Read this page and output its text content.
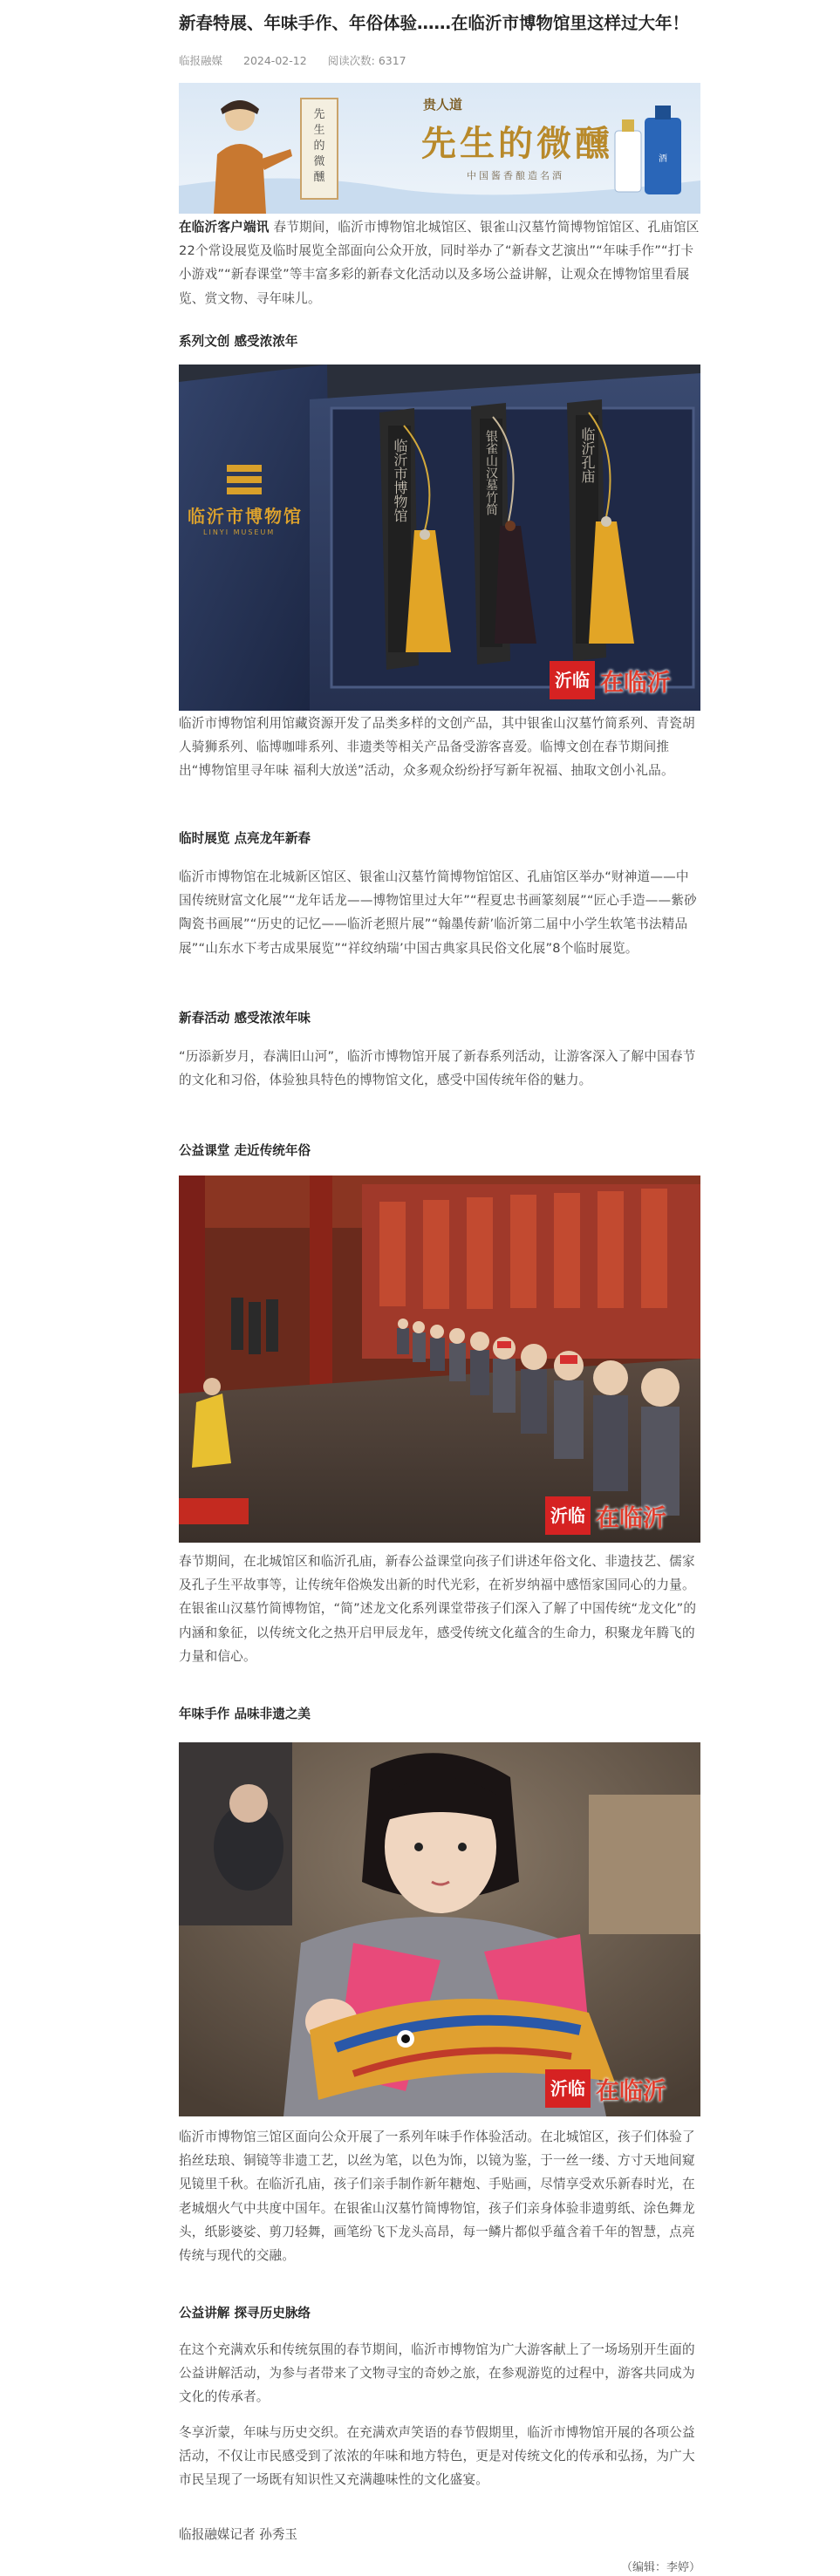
新春特展、年味手作、年俗体验……在临沂市博物馆里这样过大年！
临报融媒 2024-02-12 阅读次数: 6317
先
生
的
微
醺
酒
贵人道
先生的微醺
中国酱香酿造名酒

在临沂客户端讯 春节期间，临沂市博物馆北城馆区、银雀山汉墓竹简博物馆馆区、孔庙馆区22个常设展览及临时展览全部面向公众开放，同时举办了“新春文艺演出”“年味手作”“打卡小游戏”“新春课堂”等丰富多彩的新春文化活动以及多场公益讲解，让观众在博物馆里看展览、赏文物、寻年味儿。

系列文创 感受浓浓年
临沂市博物馆
LINYI MUSEUM
临沂市博物馆	银雀山汉墓竹简	临沂孔庙
沂临 在临沂

临沂市博物馆利用馆藏资源开发了品类多样的文创产品，其中银雀山汉墓竹简系列、青瓷胡人骑狮系列、临博咖啡系列、非遗类等相关产品备受游客喜爱。临博文创在春节期间推出“博物馆里寻年味 福利大放送”活动，众多观众纷纷抒写新年祝福、抽取文创小礼品。

临时展览 点亮龙年新春

临沂市博物馆在北城新区馆区、银雀山汉墓竹简博物馆馆区、孔庙馆区举办“财神道——中国传统财富文化展”“龙年话龙——博物馆里过大年”“程夏忠书画篆刻展”“匠心手造——紫砂陶瓷书画展”“历史的记忆——临沂老照片展”“翰墨传薪’临沂第二届中小学生软笔书法精品展”“山东水下考古成果展览”“祥纹纳瑞’中国古典家具民俗文化展”8个临时展览。

新春活动 感受浓浓年味

“历添新岁月，春满旧山河”，临沂市博物馆开展了新春系列活动，让游客深入了解中国春节的文化和习俗，体验独具特色的博物馆文化，感受中国传统年俗的魅力。

公益课堂 走近传统年俗
沂临 在临沂

春节期间，在北城馆区和临沂孔庙，新春公益课堂向孩子们讲述年俗文化、非遗技艺、儒家及孔子生平故事等，让传统年俗焕发出新的时代光彩，在祈岁纳福中感悟家国同心的力量。在银雀山汉墓竹简博物馆，“简”述龙文化系列课堂带孩子们深入了解了中国传统“龙文化”的内涵和象征，以传统文化之热开启甲辰龙年，感受传统文化蕴含的生命力，积聚龙年腾飞的力量和信心。

年味手作 品味非遗之美
沂临 在临沂

临沂市博物馆三馆区面向公众开展了一系列年味手作体验活动。在北城馆区，孩子们体验了掐丝珐琅、铜镜等非遗工艺，以丝为笔，以色为饰，以镜为鉴，于一丝一缕、方寸天地间窥见镜里千秋。在临沂孔庙，孩子们亲手制作新年糖炮、手贴画，尽情享受欢乐新春时光，在老城烟火气中共度中国年。在银雀山汉墓竹简博物馆，孩子们亲身体验非遗剪纸、涂色舞龙头，纸影婆娑、剪刀轻舞，画笔纷飞下龙头高昂，每一鳞片都似乎蕴含着千年的智慧，点亮传统与现代的交融。

公益讲解 探寻历史脉络

在这个充满欢乐和传统氛围的春节期间，临沂市博物馆为广大游客献上了一场场别开生面的公益讲解活动，为参与者带来了文物寻宝的奇妙之旅，在参观游览的过程中，游客共同成为文化的传承者。

冬享沂蒙，年味与历史交织。在充满欢声笑语的春节假期里，临沂市博物馆开展的各项公益活动，不仅让市民感受到了浓浓的年味和地方特色，更是对传统文化的传承和弘扬，为广大市民呈现了一场既有知识性又充满趣味性的文化盛宴。

临报融媒记者 孙秀玉
（编辑：李婷）
